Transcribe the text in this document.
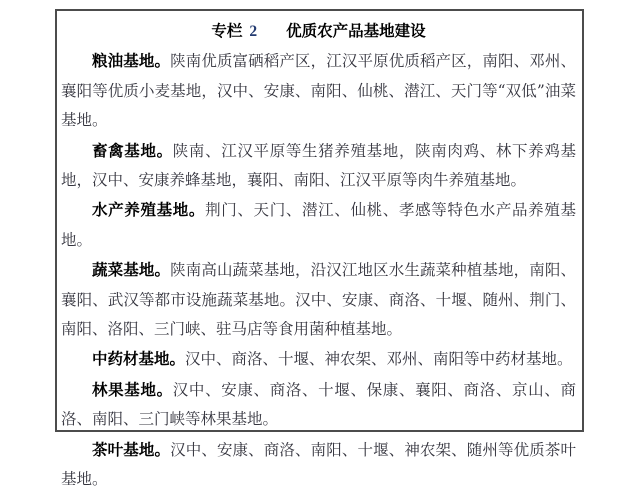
专栏 2 优质农产品基地建设

粮油基地。陕南优质富硒稻产区，江汉平原优质稻产区，南阳、邓州、襄阳等优质小麦基地，汉中、安康、南阳、仙桃、潜江、天门等“双低”油菜基地。

畜禽基地。陕南、江汉平原等生猪养殖基地，陕南肉鸡、林下养鸡基地，汉中、安康养蜂基地，襄阳、南阳、江汉平原等肉牛养殖基地。

水产养殖基地。荆门、天门、潜江、仙桃、孝感等特色水产品养殖基地。

蔬菜基地。陕南高山蔬菜基地，沿汉江地区水生蔬菜种植基地，南阳、襄阳、武汉等都市设施蔬菜基地。汉中、安康、商洛、十堰、随州、荆门、南阳、洛阳、三门峡、驻马店等食用菌种植基地。

中药材基地。汉中、商洛、十堰、神农架、邓州、南阳等中药材基地。

林果基地。汉中、安康、商洛、十堰、保康、襄阳、商洛、京山、商洛、南阳、三门峡等林果基地。

茶叶基地。汉中、安康、商洛、南阳、十堰、神农架、随州等优质茶叶基地。
